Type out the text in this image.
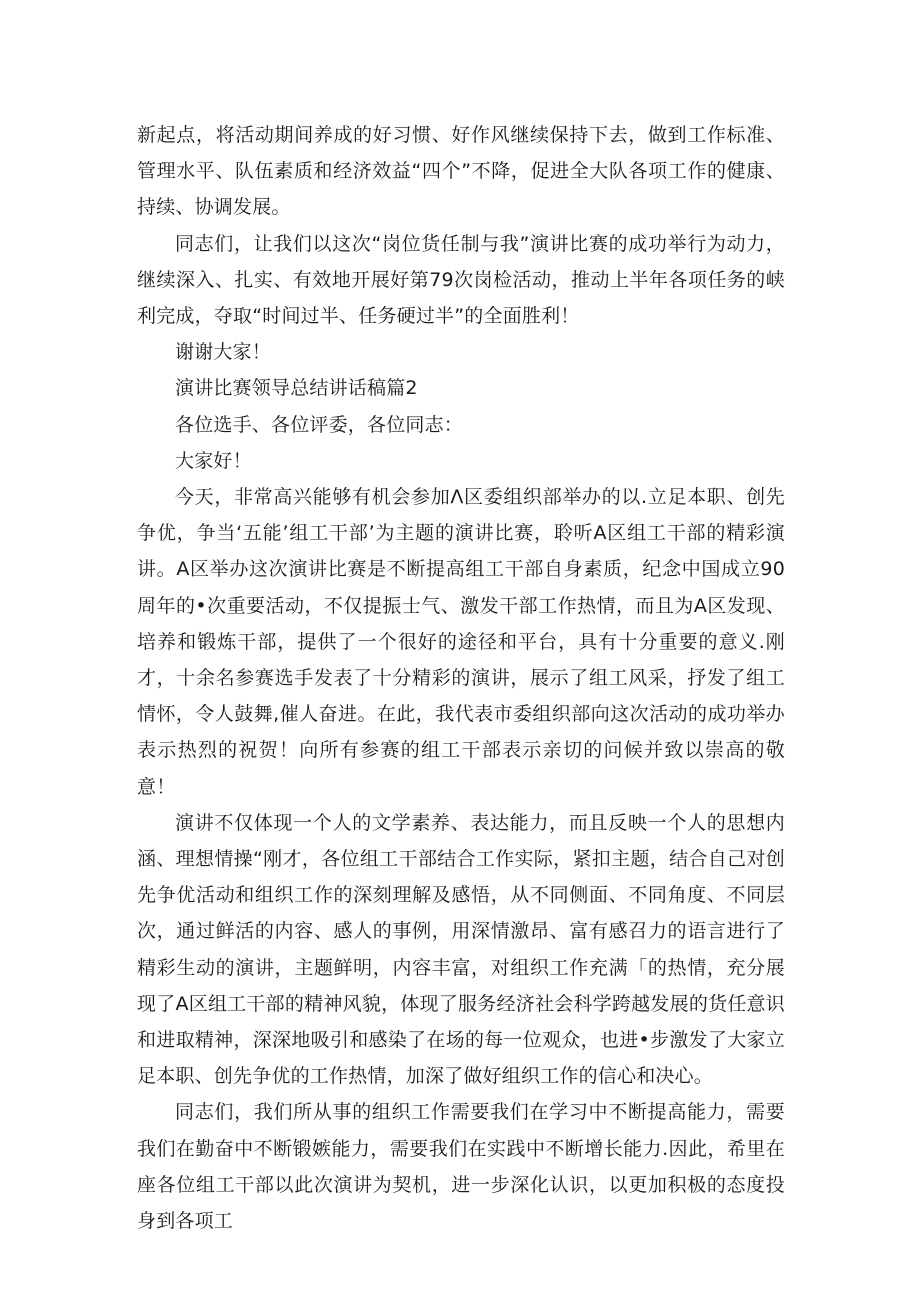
新起点，将活动期间养成的好习惯、好作风继续保持下去，做到工作标准、管理水平、队伍素质和经济效益“四个”不降，促进全大队各项工作的健康、持续、协调发展。

同志们，让我们以这次“岗位货任制与我”演讲比赛的成功举行为动力，继续深入、扎实、有效地开展好第79次岗检活动，推动上半年各项任务的峡利完成，夺取“时间过半、任务硬过半”的全面胜利！

谢谢大家！

演讲比赛领导总结讲话稿篇2

各位选手、各位评委，各位同志：

大家好！

今天，非常高兴能够有机会参加Λ区委组织部举办的以.立足本职、创先争优，争当‘五能’组工干部’为主题的演讲比赛，聆听A区组工干部的精彩演讲。A区举办这次演讲比赛是不断提高组工干部自身素质，纪念中国成立90周年的•次重要活动，不仅提振士气、激发干部工作热情，而且为A区发现、培养和锻炼干部，提供了一个很好的途径和平台，具有十分重要的意义.刚才，十余名参赛选手发表了十分精彩的演讲，展示了组工风采，抒发了组工情怀，令人鼓舞,催人奋进。在此，我代表市委组织部向这次活动的成功举办表示热烈的祝贺！向所有参赛的组工干部表示亲切的问候并致以崇高的敬意！

演讲不仅体现一个人的文学素养、表达能力，而且反映一个人的思想内涵、理想情操“刚才，各位组工干部结合工作实际，紧扣主题，结合自己对创先争优活动和组织工作的深刻理解及感悟，从不同侧面、不同角度、不同层次，通过鲜活的内容、感人的事例，用深情激昂、富有感召力的语言进行了精彩生动的演讲，主题鲜明，内容丰富，对组织工作充满「的热情，充分展现了A区组工干部的精神风貌，体现了服务经济社会科学跨越发展的货任意识和进取精神，深深地吸引和感染了在场的每一位观众，也进•步激发了大家立足本职、创先争优的工作热情，加深了做好组织工作的信心和决心。

同志们，我们所从事的组织工作需要我们在学习中不断提高能力，需要我们在勤奋中不断锻嫉能力，需要我们在实践中不断增长能力.因此，希里在座各位组工干部以此次演讲为契机，进一步深化认识，以更加积极的态度投身到各项工
